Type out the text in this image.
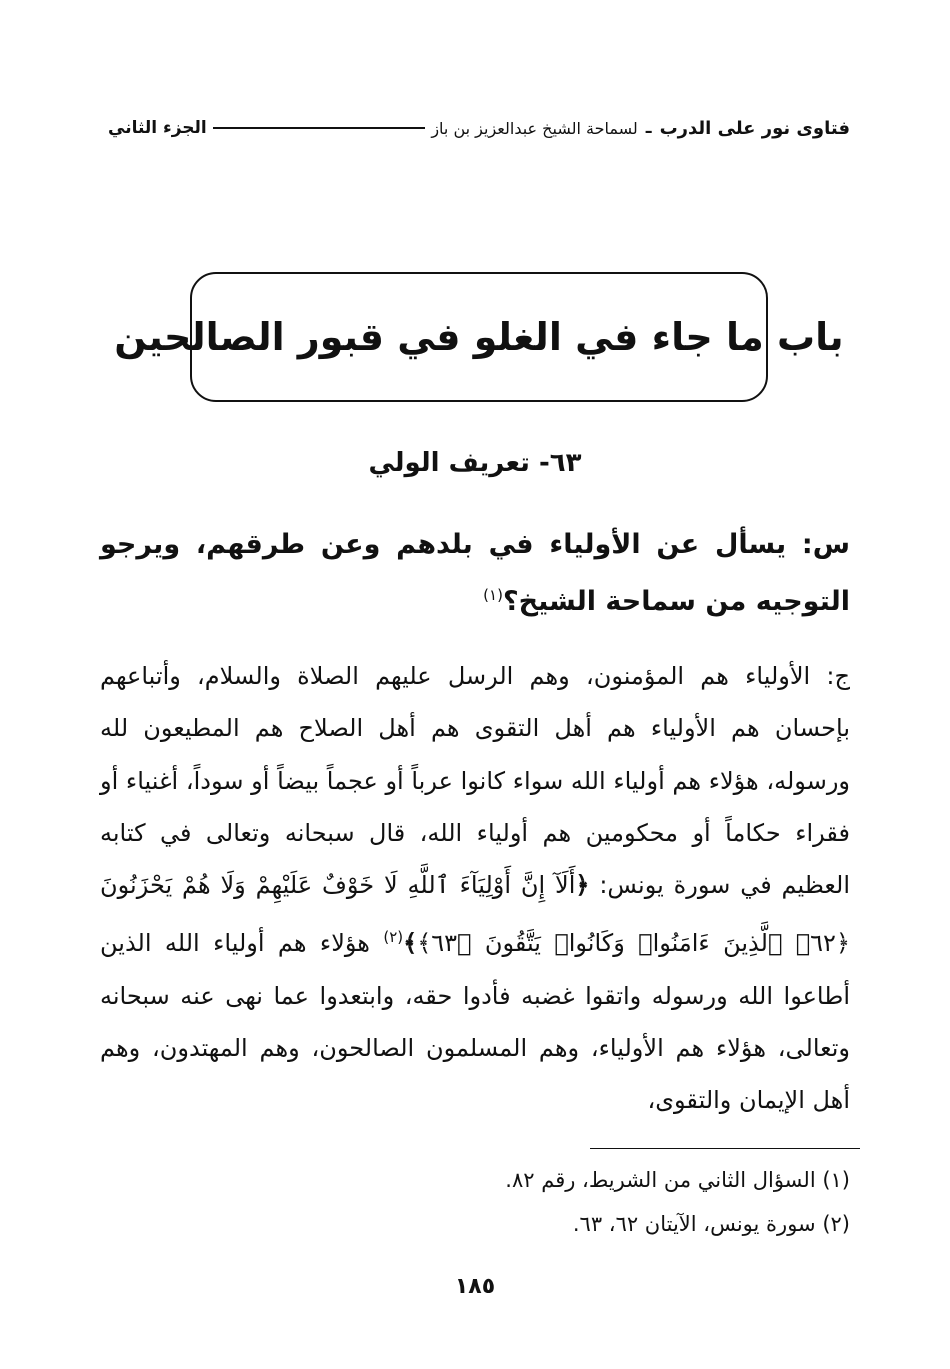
فتاوى نور على الدرب
ـ
لسماحة الشيخ عبدالعزيز بن باز
الجزء الثاني
باب ما جاء في الغلو في قبور الصالحين
٦٣- تعريف الولي
س: يسأل عن الأولياء في بلدهم وعن طرقهم، ويرجو التوجيه من سماحة الشيخ؟$^{(١)}$
ج: الأولياء هم المؤمنون، وهم الرسل عليهم الصلاة والسلام، وأتباعهم بإحسان هم الأولياء هم أهل التقوى هم أهل الصلاح هم المطيعون لله ورسوله، هؤلاء هم أولياء الله سواء كانوا عرباً أو عجماً بيضاً أو سوداً، أغنياء أو فقراء حكاماً أو محكومين هم أولياء الله، قال سبحانه وتعالى في كتابه العظيم في سورة يونس: ﴿أَلَآ إِنَّ أَوْلِيَآءَ ٱللَّهِ لَا خَوْفٌ عَلَيْهِمْ وَلَا هُمْ يَحْزَنُونَ ﴿٦٢﴾ ٱلَّذِينَ ءَامَنُوا۟ وَكَانُوا۟ يَتَّقُونَ ﴿٦٣﴾﴾$^{(٢)}$ هؤلاء هم أولياء الله الذين أطاعوا الله ورسوله واتقوا غضبه فأدوا حقه، وابتعدوا عما نهى عنه سبحانه وتعالى، هؤلاء هم الأولياء، وهم المسلمون الصالحون، وهم المهتدون، وهم أهل الإيمان والتقوى،
(١) السؤال الثاني من الشريط، رقم ٨٢.
(٢) سورة يونس، الآيتان ٦٢، ٦٣.
١٨٥
